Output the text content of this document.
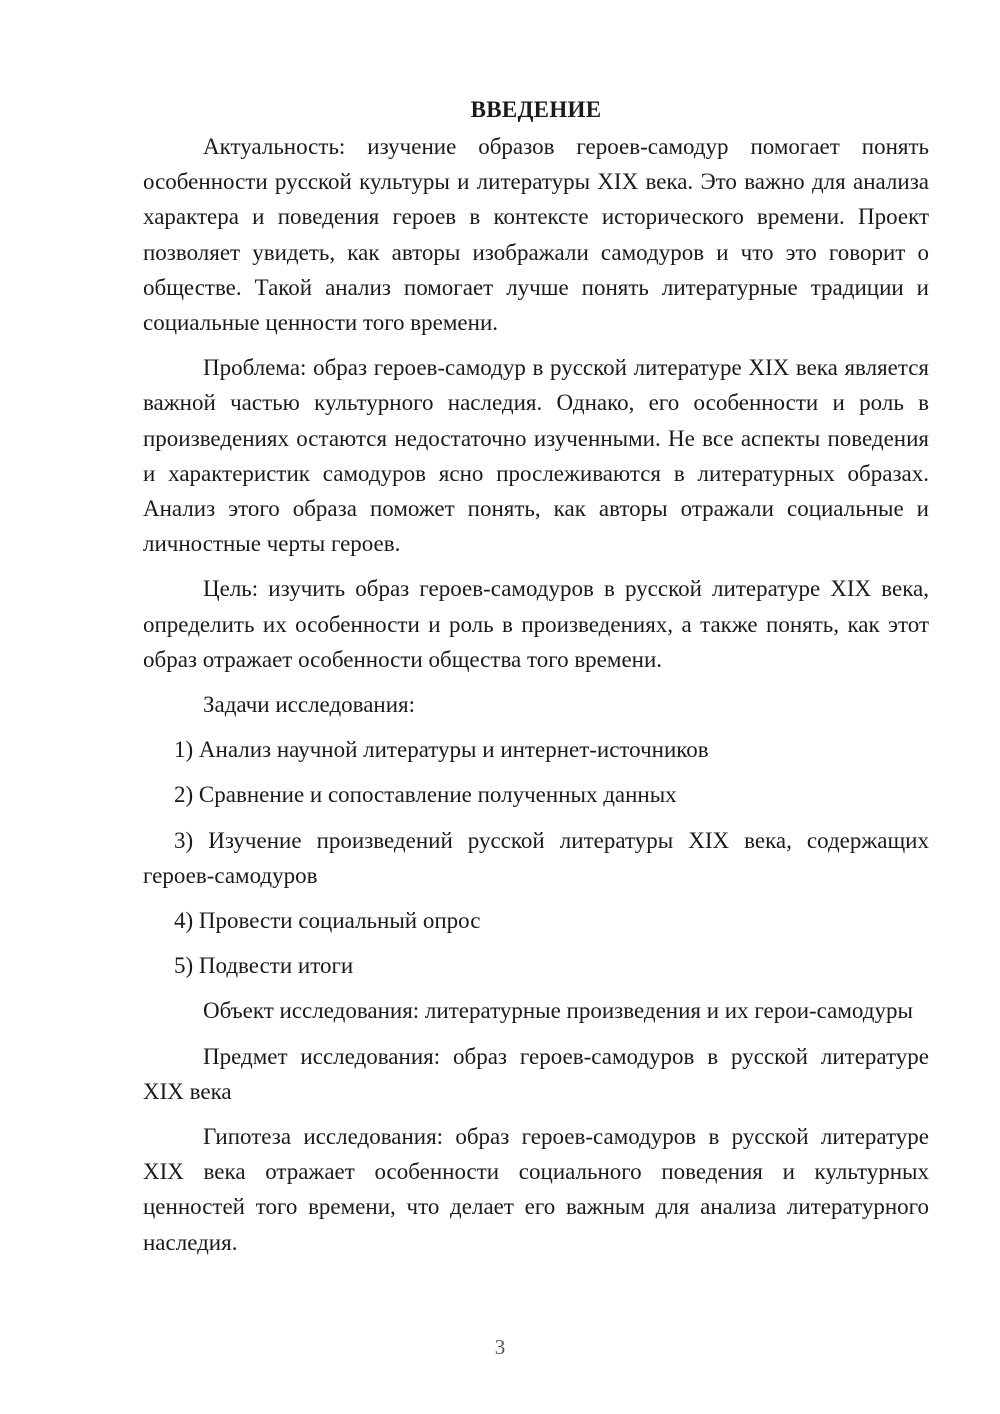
ВВЕДЕНИЕ

Актуальность: изучение образов героев-самодур помогает понять особенности русской культуры и литературы XIX века. Это важно для анализа характера и поведения героев в контексте исторического времени. Проект позволяет увидеть, как авторы изображали самодуров и что это говорит о обществе. Такой анализ помогает лучше понять литературные традиции и социальные ценности того времени.

Проблема: образ героев-самодур в русской литературе XIX века является важной частью культурного наследия. Однако, его особенности и роль в произведениях остаются недостаточно изученными. Не все аспекты поведения и характеристик самодуров ясно прослеживаются в литературных образах. Анализ этого образа поможет понять, как авторы отражали социальные и личностные черты героев.

Цель: изучить образ героев-самодуров в русской литературе XIX века, определить их особенности и роль в произведениях, а также понять, как этот образ отражает особенности общества того времени.

Задачи исследования:

1) Анализ научной литературы и интернет-источников

2) Сравнение и сопоставление полученных данных

3) Изучение произведений русской литературы XIX века, содержащих героев-самодуров

4) Провести социальный опрос

5) Подвести итоги

Объект исследования: литературные произведения и их герои-самодуры

Предмет исследования: образ героев-самодуров в русской литературе XIX века

Гипотеза исследования: образ героев-самодуров в русской литературе XIX века отражает особенности социального поведения и культурных ценностей того времени, что делает его важным для анализа литературного наследия.

3
